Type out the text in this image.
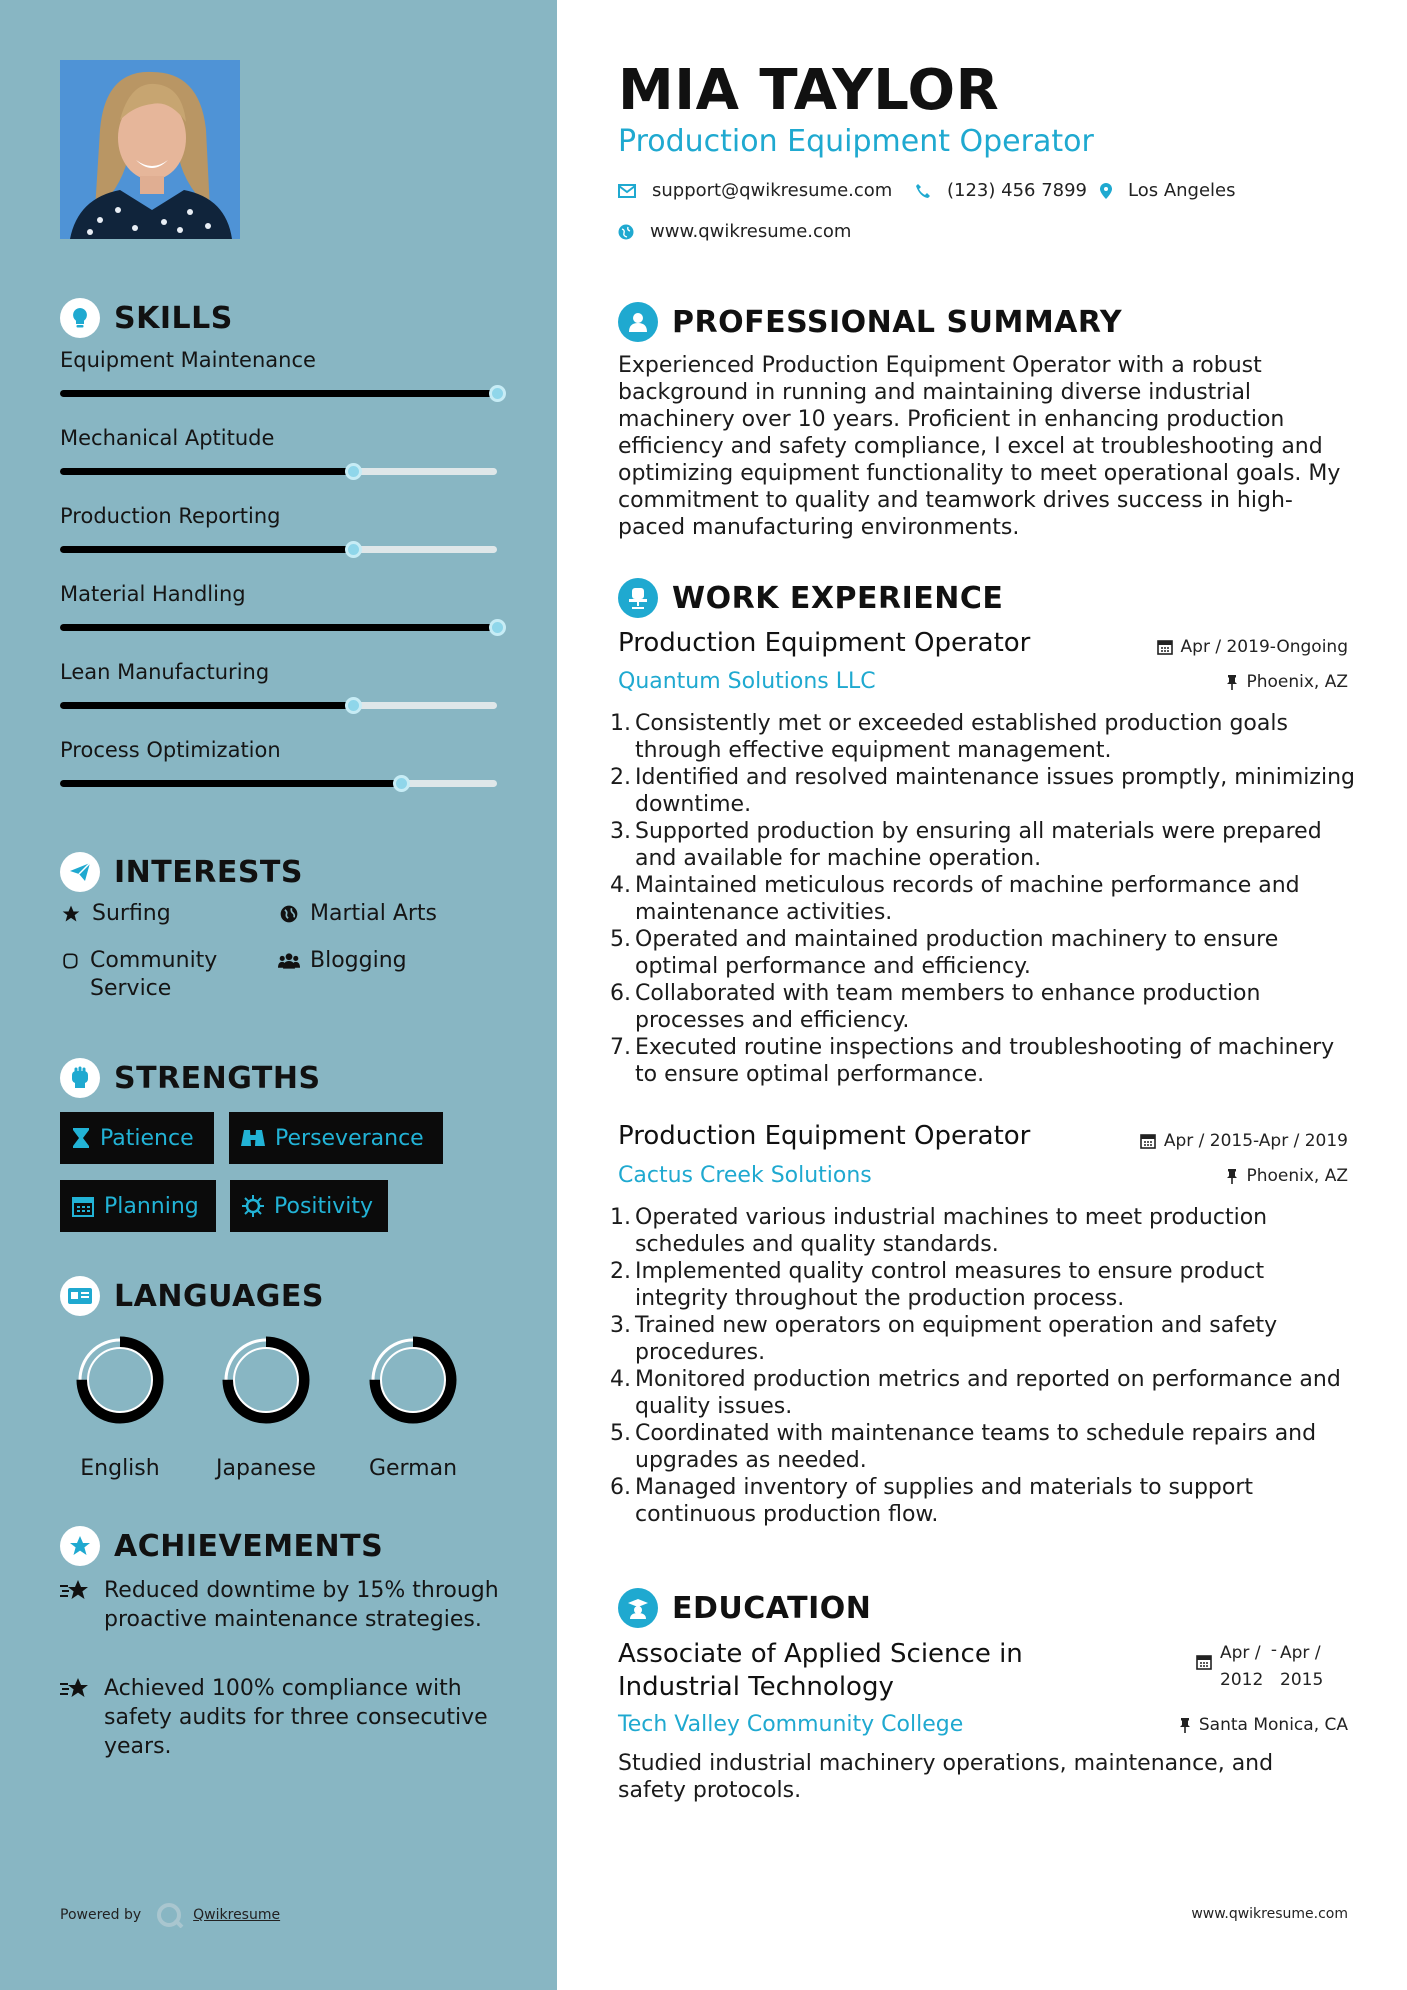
SKILLS
Equipment Maintenance
Mechanical Aptitude
Production Reporting
Material Handling
Lean Manufacturing
Process Optimization
INTERESTS
Surfing	Martial Arts
Community Service
Blogging
STRENGTHS
Patience	Perseverance
Planning	Positivity
LANGUAGES
English	Japanese	German
ACHIEVEMENTS
Reduced downtime by 15% through proactive maintenance strategies.
Achieved 100% compliance with safety audits for three consecutive years.
Powered by	Qwikresume
MIA TAYLOR
Production Equipment Operator
support@qwikresume.com	(123) 456 7899 Los Angeles
www.qwikresume.com
PROFESSIONAL SUMMARY
Experienced Production Equipment Operator with a robust background in running and maintaining diverse industrial machinery over 10 years. Proficient in enhancing production efficiency and safety compliance, I excel at troubleshooting and optimizing equipment functionality to meet operational goals. My commitment to quality and teamwork drives success in high-paced manufacturing environments.
WORK EXPERIENCE
Production Equipment Operator	Apr / 2019-Ongoing
Quantum Solutions LLC	Phoenix, AZ
1. Consistently met or exceeded established production goals through effective equipment management.
2. Identified and resolved maintenance issues promptly, minimizing downtime.
3. Supported production by ensuring all materials were prepared and available for machine operation.
4. Maintained meticulous records of machine performance and maintenance activities.
5. Operated and maintained production machinery to ensure optimal performance and efficiency.
6. Collaborated with team members to enhance production processes and efficiency.
7. Executed routine inspections and troubleshooting of machinery to ensure optimal performance.
Production Equipment Operator	Apr / 2015-Apr / 2019
Cactus Creek Solutions	Phoenix, AZ
1. Operated various industrial machines to meet production schedules and quality standards.
2. Implemented quality control measures to ensure product integrity throughout the production process.
3. Trained new operators on equipment operation and safety procedures.
4. Monitored production metrics and reported on performance and quality issues.
5. Coordinated with maintenance teams to schedule repairs and upgrades as needed.
6. Managed inventory of supplies and materials to support continuous production flow.
EDUCATION
Associate of Applied Science in Industrial Technology
Apr / 2012
- Apr / 2015
Tech Valley Community College	Santa Monica, CA
Studied industrial machinery operations, maintenance, and safety protocols.
www.qwikresume.com
